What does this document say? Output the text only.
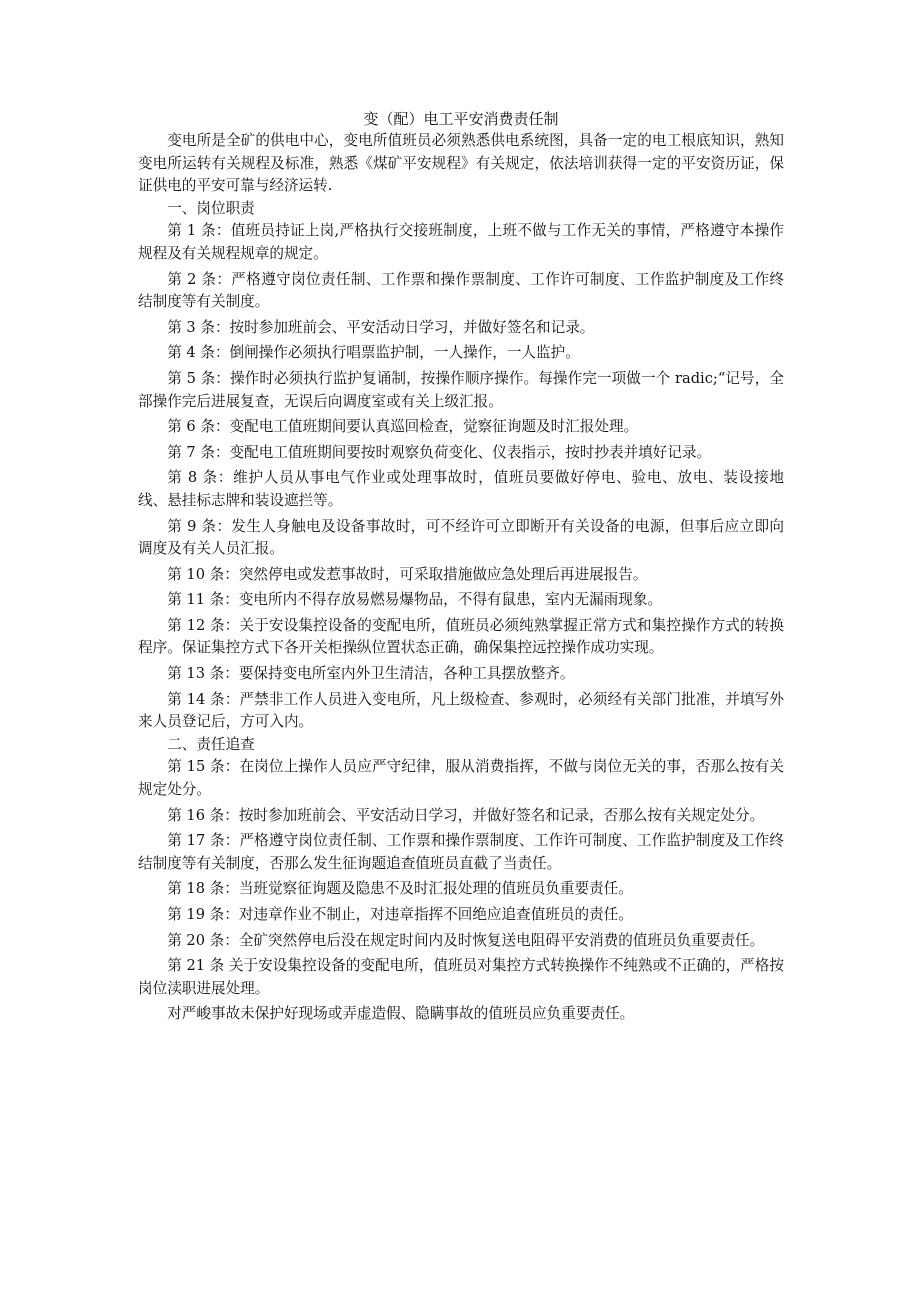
变（配）电工平安消费责任制

变电所是全矿的供电中心，变电所值班员必须熟悉供电系统图，具备一定的电工根底知识，熟知变电所运转有关规程及标准，熟悉《煤矿平安规程》有关规定，依法培训获得一定的平安资历证，保证供电的平安可靠与经济运转.

一、岗位职责

第 1 条：值班员持证上岗,严格执行交接班制度，上班不做与工作无关的事情，严格遵守本操作规程及有关规程规章的规定。

第 2 条：严格遵守岗位责任制、工作票和操作票制度、工作许可制度、工作监护制度及工作终结制度等有关制度。

第 3 条：按时参加班前会、平安活动日学习，并做好签名和记录。

第 4 条：倒闸操作必须执行唱票监护制，一人操作，一人监护。

第 5 条：操作时必须执行监护复诵制，按操作顺序操作。每操作完一项做一个 radic;“记号，全部操作完后进展复查，无误后向调度室或有关上级汇报。

第 6 条：变配电工值班期间要认真巡回检查，觉察征询题及时汇报处理。

第 7 条：变配电工值班期间要按时观察负荷变化、仪表指示，按时抄表并填好记录。

第 8 条：维护人员从事电气作业或处理事故时，值班员要做好停电、验电、放电、装设接地线、悬挂标志牌和装设遮拦等。

第 9 条：发生人身触电及设备事故时，可不经许可立即断开有关设备的电源，但事后应立即向调度及有关人员汇报。

第 10 条：突然停电或发惹事故时，可采取措施做应急处理后再进展报告。

第 11 条：变电所内不得存放易燃易爆物品，不得有鼠患，室内无漏雨现象。

第 12 条：关于安设集控设备的变配电所，值班员必须纯熟掌握正常方式和集控操作方式的转换程序。保证集控方式下各开关柜操纵位置状态正确，确保集控远控操作成功实现。

第 13 条：要保持变电所室内外卫生清洁，各种工具摆放整齐。

第 14 条：严禁非工作人员进入变电所，凡上级检查、参观时，必须经有关部门批准，并填写外来人员登记后，方可入内。

二、责任追查

第 15 条：在岗位上操作人员应严守纪律，服从消费指挥，不做与岗位无关的事，否那么按有关规定处分。

第 16 条：按时参加班前会、平安活动日学习，并做好签名和记录，否那么按有关规定处分。

第 17 条：严格遵守岗位责任制、工作票和操作票制度、工作许可制度、工作监护制度及工作终结制度等有关制度，否那么发生征询题追查值班员直截了当责任。

第 18 条：当班觉察征询题及隐患不及时汇报处理的值班员负重要责任。

第 19 条：对违章作业不制止，对违章指挥不回绝应追查值班员的责任。

第 20 条：全矿突然停电后没在规定时间内及时恢复送电阻碍平安消费的值班员负重要责任。

第 21 条 关于安设集控设备的变配电所，值班员对集控方式转换操作不纯熟或不正确的，严格按岗位渎职进展处理。

对严峻事故未保护好现场或弄虚造假、隐瞒事故的值班员应负重要责任。
